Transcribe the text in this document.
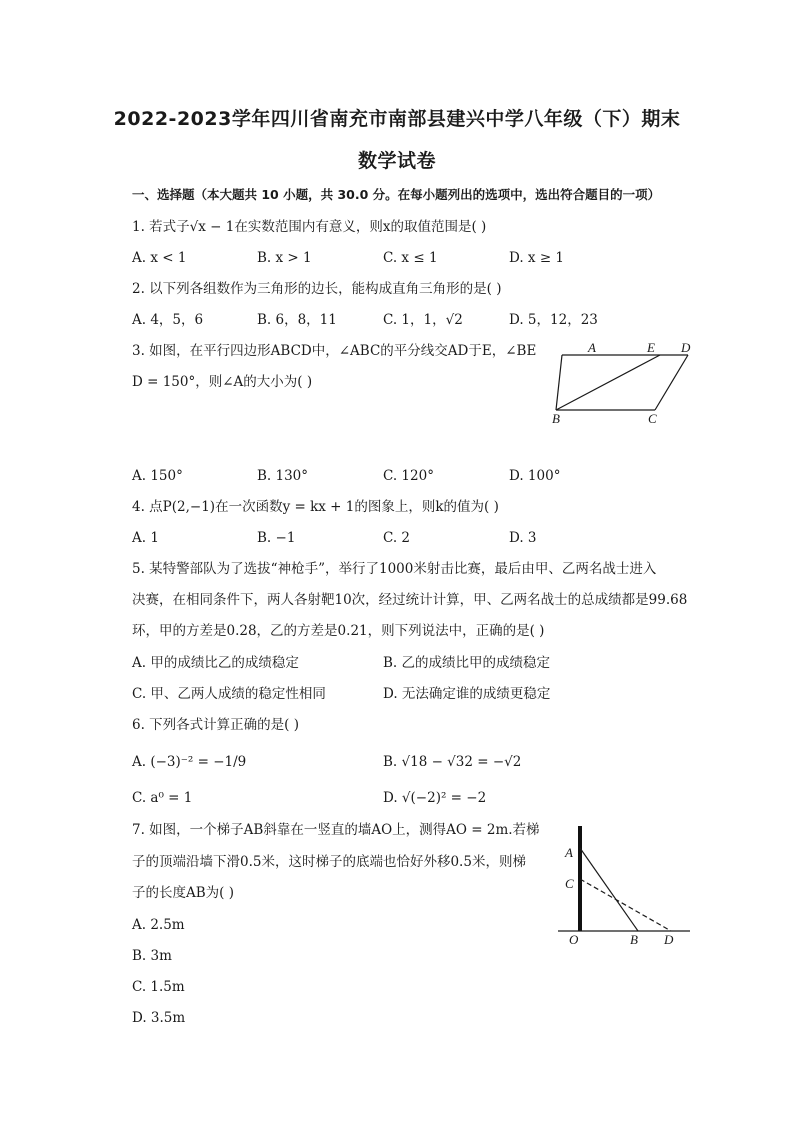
2022-2023学年四川省南充市南部县建兴中学八年级（下）期末
数学试卷
一、选择题（本大题共 10 小题，共 30.0 分。在每小题列出的选项中，选出符合题目的一项）
1. 若式子√x − 1在实数范围内有意义，则x的取值范围是( )
A. x < 1	B. x > 1	C. x ≤ 1	D. x ≥ 1
2. 以下列各组数作为三角形的边长，能构成直角三角形的是( )
A. 4，5，6	B. 6，8，11	C. 1，1，√2	D. 5，12，23
3. 如图，在平行四边形ABCD中，∠ABC的平分线交AD于E，∠BE
D = 150°，则∠A的大小为( )
A	E D
B	C
A. 150°	B. 130°	C. 120°	D. 100°
4. 点P(2,−1)在一次函数y = kx + 1的图象上，则k的值为( )
A. 1	B. −1	C. 2	D. 3
5. 某特警部队为了选拔“神枪手”，举行了1000米射击比赛，最后由甲、乙两名战士进入
决赛，在相同条件下，两人各射靶10次，经过统计计算，甲、乙两名战士的总成绩都是99.68
环，甲的方差是0.28，乙的方差是0.21，则下列说法中，正确的是( )
A. 甲的成绩比乙的成绩稳定	B. 乙的成绩比甲的成绩稳定
C. 甲、乙两人成绩的稳定性相同	D. 无法确定谁的成绩更稳定
6. 下列各式计算正确的是( )
A. (−3)⁻² = −1/9	B. √18 − √32 = −√2
C. a⁰ = 1	D. √(−2)² = −2
7. 如图，一个梯子AB斜靠在一竖直的墙AO上，测得AO = 2m.若梯
子的顶端沿墙下滑0.5米，这时梯子的底端也恰好外移0.5米，则梯
子的长度AB为( )
A
C
O	B D
A. 2.5m
B. 3m
C. 1.5m
D. 3.5m
